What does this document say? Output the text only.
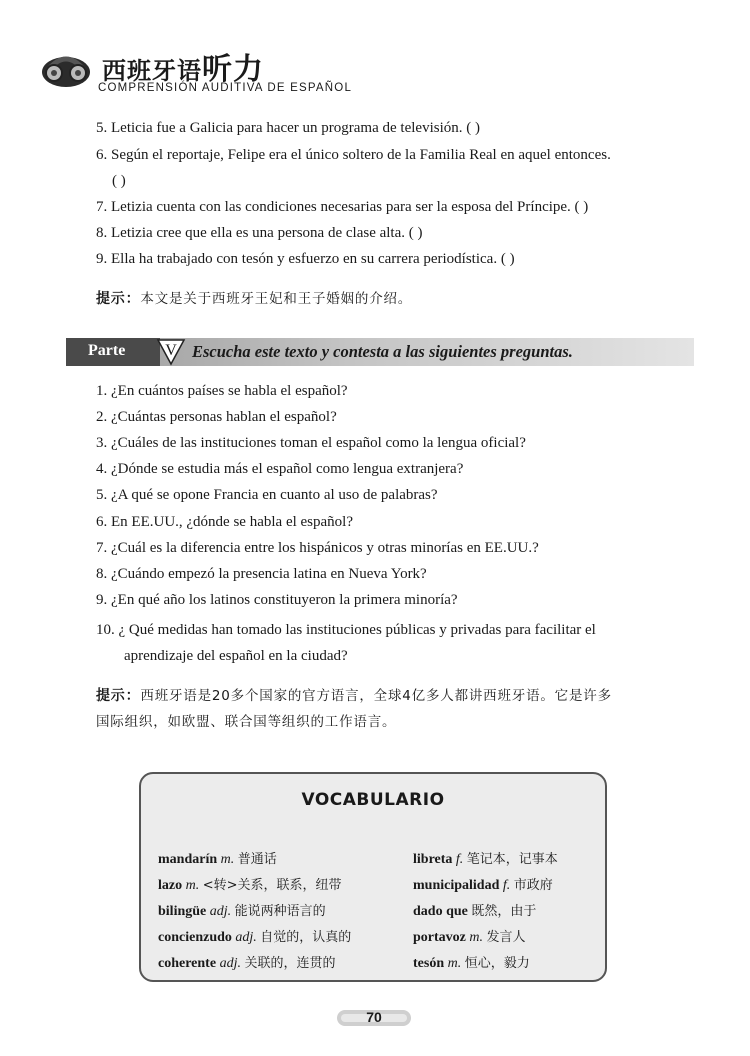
西班牙语听力
COMPRENSIÓN AUDITIVA DE ESPAÑOL
5. Leticia fue a Galicia para hacer un programa de televisión. ( )
6. Según el reportaje, Felipe era el único soltero de la Familia Real en aquel entonces.
( )
7. Letizia cuenta con las condiciones necesarias para ser la esposa del Príncipe. ( )
8. Letizia cree que ella es una persona de clase alta. ( )
9. Ella ha trabajado con tesón y esfuerzo en su carrera periodística. ( )
提示：本文是关于西班牙王妃和王子婚姻的介绍。
Parte V Escucha este texto y contesta a las siguientes preguntas.
1. ¿En cuántos países se habla el español?
2. ¿Cuántas personas hablan el español?
3. ¿Cuáles de las instituciones toman el español como la lengua oficial?
4. ¿Dónde se estudia más el español como lengua extranjera?
5. ¿A qué se opone Francia en cuanto al uso de palabras?
6. En EE.UU., ¿dónde se habla el español?
7. ¿Cuál es la diferencia entre los hispánicos y otras minorías en EE.UU.?
8. ¿Cuándo empezó la presencia latina en Nueva York?
9. ¿En qué año los latinos constituyeron la primera minoría?
10. ¿ Qué medidas han tomado las instituciones públicas y privadas para facilitar el
aprendizaje del español en la ciudad?
提示：西班牙语是20多个国家的官方语言，全球4亿多人都讲西班牙语。它是许多
国际组织，如欧盟、联合国等组织的工作语言。
VOCABULARIO
mandarín m. 普通话
lazo m. <转>关系，联系，纽带
bilingüe adj. 能说两种语言的
concienzudo adj. 自觉的，认真的
coherente adj. 关联的，连贯的
libreta f. 笔记本，记事本
municipalidad f. 市政府
dado que 既然，由于
portavoz m. 发言人
tesón m. 恒心，毅力
70
